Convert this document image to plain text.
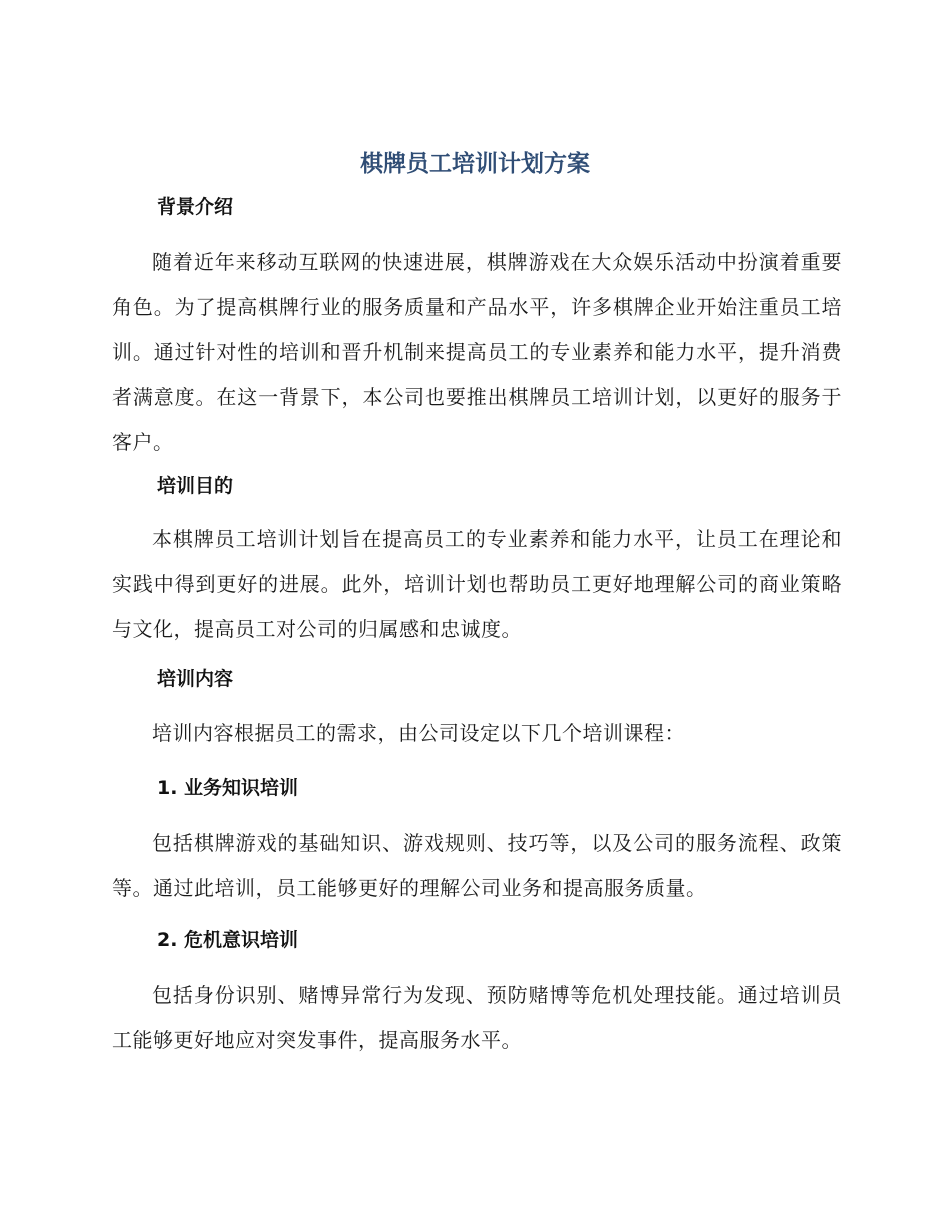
棋牌员工培训计划方案
背景介绍

随着近年来移动互联网的快速进展，棋牌游戏在大众娱乐活动中扮演着重要角色。为了提高棋牌行业的服务质量和产品水平，许多棋牌企业开始注重员工培训。通过针对性的培训和晋升机制来提高员工的专业素养和能力水平，提升消费者满意度。在这一背景下，本公司也要推出棋牌员工培训计划，以更好的服务于客户。

培训目的

本棋牌员工培训计划旨在提高员工的专业素养和能力水平，让员工在理论和实践中得到更好的进展。此外，培训计划也帮助员工更好地理解公司的商业策略与文化，提高员工对公司的归属感和忠诚度。

培训内容

培训内容根据员工的需求，由公司设定以下几个培训课程：

1. 业务知识培训

包括棋牌游戏的基础知识、游戏规则、技巧等，以及公司的服务流程、政策等。通过此培训，员工能够更好的理解公司业务和提高服务质量。

2. 危机意识培训

包括身份识别、赌博异常行为发现、预防赌博等危机处理技能。通过培训员工能够更好地应对突发事件，提高服务水平。
